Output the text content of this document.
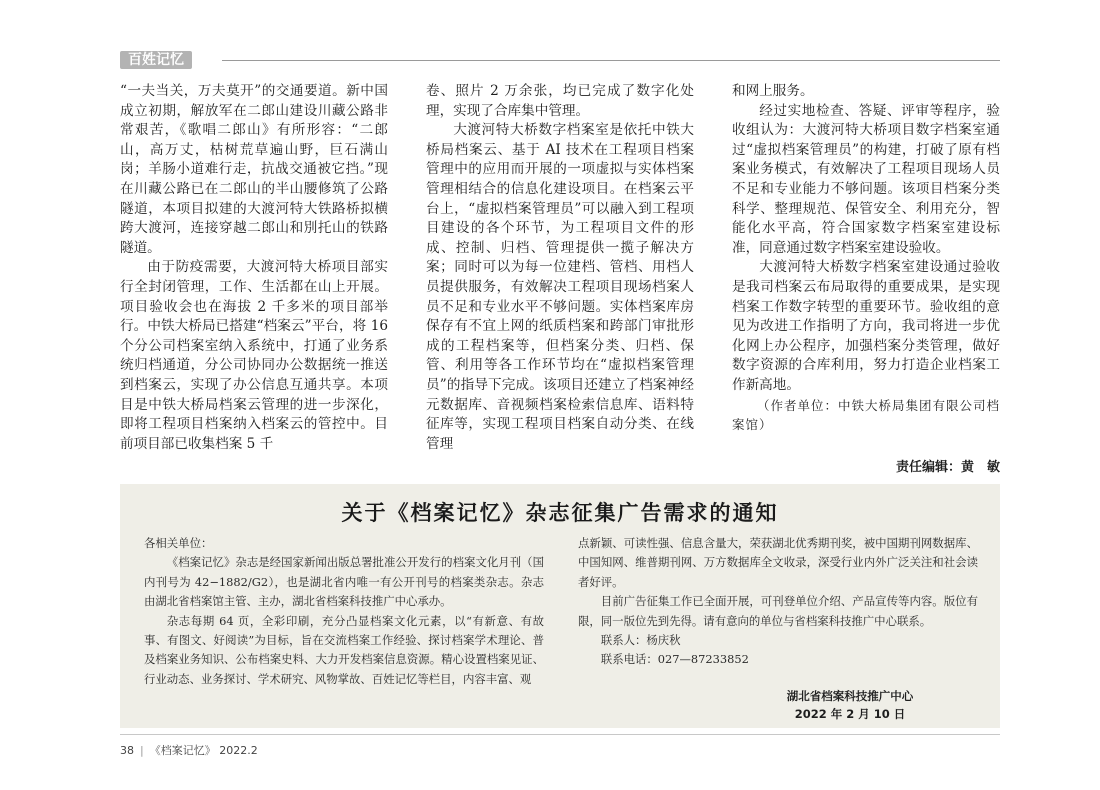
百姓记忆

“一夫当关，万夫莫开”的交通要道。新中国成立初期，解放军在二郎山建设川藏公路非常艰苦，《歌唱二郎山》有所形容：“二郎山，高万丈，枯树荒草遍山野，巨石满山岗；羊肠小道难行走，抗战交通被它挡。”现在川藏公路已在二郎山的半山腰修筑了公路隧道，本项目拟建的大渡河特大铁路桥拟横跨大渡河，连接穿越二郎山和別托山的铁路隧道。

由于防疫需要，大渡河特大桥项目部实行全封闭管理，工作、生活都在山上开展。项目验收会也在海拔 2 千多米的项目部举行。中铁大桥局已搭建“档案云”平台，将 16 个分公司档案室纳入系统中，打通了业务系统归档通道，分公司协同办公数据统一推送到档案云，实现了办公信息互通共享。本项目是中铁大桥局档案云管理的进一步深化，即将工程项目档案纳入档案云的管控中。目前项目部已收集档案 5 千

卷、照片 2 万余张，均已完成了数字化处理，实现了合库集中管理。

大渡河特大桥数字档案室是依托中铁大桥局档案云、基于 AI 技术在工程项目档案管理中的应用而开展的一项虚拟与实体档案管理相结合的信息化建设项目。在档案云平台上，“虚拟档案管理员”可以融入到工程项目建设的各个环节，为工程项目文件的形成、控制、归档、管理提供一揽子解决方案；同时可以为每一位建档、管档、用档人员提供服务，有效解决工程项目现场档案人员不足和专业水平不够问题。实体档案库房保存有不宜上网的纸质档案和跨部门审批形成的工程档案等，但档案分类、归档、保管、利用等各工作环节均在“虚拟档案管理员”的指导下完成。该项目还建立了档案神经元数据库、音视频档案检索信息库、语料特征库等，实现工程项目档案自动分类、在线管理

和网上服务。

经过实地检查、答疑、评审等程序，验收组认为：大渡河特大桥项目数字档案室通过“虚拟档案管理员”的构建，打破了原有档案业务模式，有效解决了工程项目现场人员不足和专业能力不够问题。该项目档案分类科学、整理规范、保管安全、利用充分，智能化水平高，符合国家数字档案室建设标准，同意通过数字档案室建设验收。

大渡河特大桥数字档案室建设通过验收是我司档案云布局取得的重要成果，是实现档案工作数字转型的重要环节。验收组的意见为改进工作指明了方向，我司将进一步优化网上办公程序，加强档案分类管理，做好数字资源的合库利用，努力打造企业档案工作新高地。

（作者单位：中铁大桥局集团有限公司档案馆）

责任编辑：黄　敏
关于《档案记忆》杂志征集广告需求的通知

各相关单位：

《档案记忆》杂志是经国家新闻出版总署批准公开发行的档案文化月刊（国内刊号为 42−1882/G2），也是湖北省内唯一有公开刊号的档案类杂志。杂志由湖北省档案馆主管、主办，湖北省档案科技推广中心承办。

杂志每期 64 页，全彩印刷，充分凸显档案文化元素，以“有新意、有故事、有图文、好阅读”为目标，旨在交流档案工作经验、探讨档案学术理论、普及档案业务知识、公布档案史料、大力开发档案信息资源。精心设置档案见证、行业动态、业务探讨、学术研究、风物掌故、百姓记忆等栏目，内容丰富、观

点新颖、可读性强、信息含量大，荣获湖北优秀期刊奖，被中国期刊网数据库、中国知网、维普期刊网、万方数据库全文收录，深受行业内外广泛关注和社会读者好评。

目前广告征集工作已全面开展，可刊登单位介绍、产品宣传等内容。版位有限，同一版位先到先得。请有意向的单位与省档案科技推广中心联系。

联系人：杨庆秋

联系电话：027—87233852

湖北省档案科技推广中心
2022 年 2 月 10 日
38 | 《档案记忆》 2022.2
